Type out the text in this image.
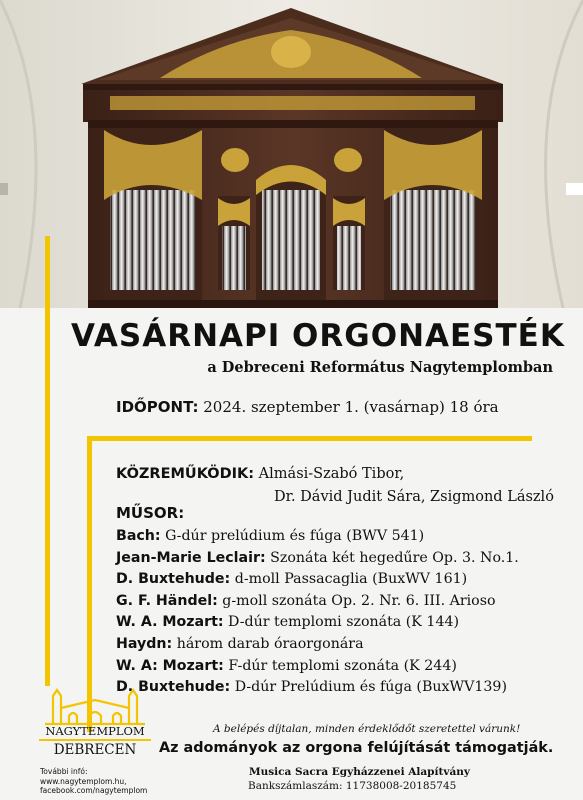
VASÁRNAPI ORGONAESTÉK
a Debreceni Református Nagytemplomban
IDŐPONT: 2024. szeptember 1. (vasárnap) 18 óra
KÖZREMŰKÖDIK: Almási-Szabó Tibor,
Dr. Dávid Judit Sára, Zsigmond László
MŰSOR:
Bach: G-dúr prelúdium és fúga (BWV 541)
Jean-Marie Leclair: Szonáta két hegedűre Op. 3. No.1.
D. Buxtehude: d-moll Passacaglia (BuxWV 161)
G. F. Händel: g-moll szonáta Op. 2. Nr. 6. III. Arioso
W. A. Mozart: D-dúr templomi szonáta (K 144)
Haydn: három darab óraorgonára
W. A: Mozart: F-dúr templomi szonáta (K 244)
D. Buxtehude: D-dúr Prelúdium és fúga (BuxWV139)
NAGYTEMPLOM
DEBRECEN
További infó:
www.nagytemplom.hu,
facebook.com/nagytemplom
A belépés díjtalan, minden érdeklődőt szeretettel várunk!
Az adományok az orgona felújítását támogatják.
Musica Sacra Egyházzenei Alapítvány
Bankszámlaszám: 11738008-20185745
